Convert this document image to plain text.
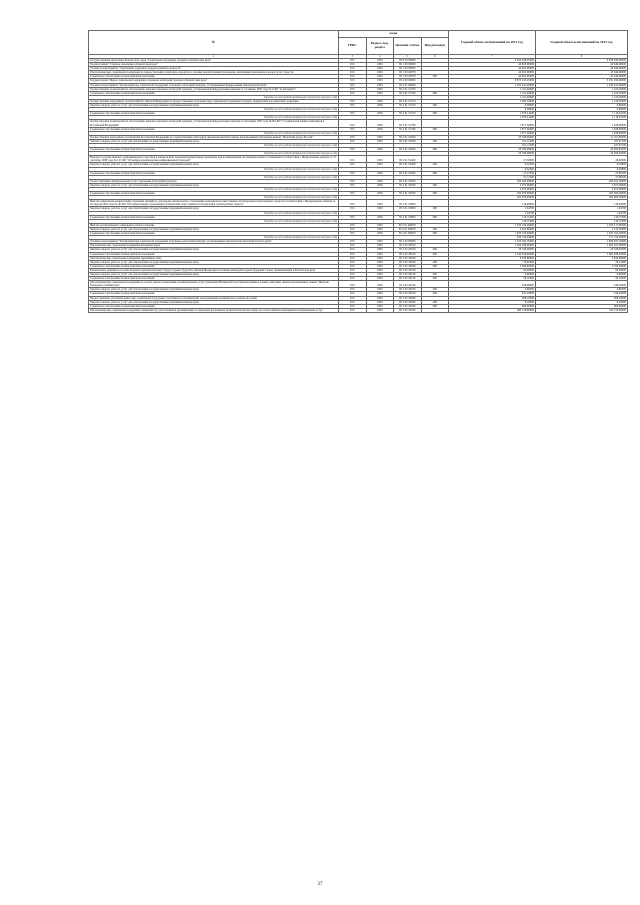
№	коды				Годовой объем ассигнований на 2011 год	Годовой объем ассигнований на 2012 год
	ГРБС	Раздел, под-раздел	Целевая статья	Вид расходов		
1	3	4	5	6	7	8
Государственная программа Камчатского края "Социальная поддержка граждан в Камчатском крае"	815	1003	05 0 00 00000		3 920 238,25000	3 976 930,00000
Подпрограмма "Старшее поколение в Камчатском крае"	815	1003	05 1 00 00000		44 825,00000	45 640,00000
Основное мероприятие "Укрепление здоровья граждан пожилого возраста"	815	1003	05 1 03 00000		44 825,00000	45 640,00000
Обеспечение мер социальной поддержки по предоставлению санаторно-курортного лечения неработающим гражданам, выхолящим пенсионного возраста по старости	815	1003	05 1 03 20070		44 825,00000	45 640,00000
Социальное обеспечение и иные выплаты населению	815	1003	05 1 03 20070	300	44 825,00000	45 640,00000
Подпрограмма "Меры социальной поддержки отдельных категорий граждан в Камчатском крае"	815	1003	05 2 00 00000		3 875 413,25000	3 931 290,00000
Основное мероприятие "Реализация мер социальной поддержки отдельных категорий граждан, установленных федеральным законодательством"	815	1003	05 2 01 00000		1 255 441,00000	1 236 447,00000
Осуществление полномочий по обеспечению жильем отдельных категорий граждан, установленных Федеральным законом от 12 января 1995 года № 5-ФЗ "О ветеранах"	815	1003	05 2 01 51350		1 191,40000	1 225,20000
Социальное обеспечение и иные выплаты населению	815	1003	05 2 01 51350	300	1 191,40000	1 225,20000
Расходы за счет средств федерального бюджета текущего года					1 191,40000	1 225,20000
Осуществление переданных полномочий Российской Федерации по предоставлению отдельных мер социальной поддержки граждан, подвергшихся воздействию радиации	815	1003	05 2 01 51370		1 083,10000	1 126,30000
Закупка товаров, работ и услуг для обеспечения государственных (муниципальных) нужд	815	1003	05 2 01 51370	200	9,58000	9,96000
Расходы за счет средств федерального бюджета текущего года					9,58000	9,96000
Социальное обеспечение и иные выплаты населению	815	1003	05 2 01 51370	300	1 073,51400	1 116,33100
Расходы за счет средств федерального бюджета текущего года					1 073,51400	1 116,33100
Осуществление полномочий по обеспечению жильем отдельных категорий граждан, установленных Федеральным законом от 24 ноября 1995 года №181-ФЗ "О социальной защите инвалидов в Российской Федерации"	815	1003	05 2 01 51760		1 877,30000	1 928,00000
Социальное обеспечение и иные выплаты населению	815	1003	05 2 01 51760	300	1 877,30000	1 928,00000
Расходы за счет средств федерального бюджета текущего года					1 877,30000	1 928,00000
Осуществление переданного полномочия Российской Федерации по осуществлению ежегодной денежной выплаты лицам, награжденным нагрудным знаком "Почетный донор России"	815	1003	05 2 01 52200		20 348,09000	21 161,80000
Закупка товаров, работ и услуг для обеспечения государственных (муниципальных) нужд	815	1003	05 2 01 52200	200	161,11000	167,97100
Расходы за счет средств федерального бюджета текущего года					161,11000	167,97100
Социальное обеспечение и иные выплаты населению	815	1003	05 2 01 52200	300	20 186,98000	20 993,84300
Расходы за счет средств федерального бюджета текущего года					20 186,98000	20 993,84300
Выплата государственного единовременного пособия и ежемесячной денежной компенсации гражданам при возникновении поствакцинальных осложнений в соответствии с Федеральным законом от 17 сентября 1998 года № 157-ФЗ "Об иммунопрофилактике инфекционных болезней"	815	1003	05 2 01 52400		27,50000	28,20000
Закупка товаров, работ и услуг для обеспечения государственных (муниципальных) нужд	815	1003	05 2 01 52400	200	0,32500	0,33800
Расходы за счет средств федерального бюджета текущего года					0,32500	0,33800
Социальное обеспечение и иные выплаты населению	815	1003	05 2 01 52400	300	27,17500	27,86200
Расходы за счет средств федерального бюджета текущего года					27,17500	27,86200
Оплата жилищно-коммунальных услуг отдельным категориям граждан	815	1003	05 2 01 52500		205 645,99000	205 641,30000
Закупка товаров, работ и услуг для обеспечения государственных (муниципальных) нужд	815	1003	05 2 01 52500	200	2 975,00000	2 975,00000
Расходы за счет средств федерального бюджета текущего года					2 975,00000	2 975,00000
Социальное обеспечение и иные выплаты населению	815	1003	05 2 01 52500	300	202 670,99000	202 666,30000
Расходы за счет средств федерального бюджета текущего года					202 670,99000	202 666,30000
Выплата инвалидам компенсаций страховых премий по договорам обязательного страхования гражданской ответственности владельцев транспортных средств в соответствии с Федеральным законом от 25 апреля 2002 года № 40-ФЗ "Об обязательном страховании гражданской ответственности владельцев транспортных средств"	815	1003	05 2 01 52800		118,40000	118,40000
Закупка товаров, работ и услуг для обеспечения государственных (муниципальных) нужд	815	1003	05 2 01 52800	200	1,64700	1,64700
Расходы за счет средств федерального бюджета текущего года					1,64700	1,64700
Социальное обеспечение и иные выплаты населению	815	1003	05 2 01 52800	300	116,75300	116,75300
Расходы за счет средств федерального бюджета текущего года					116,75300	116,75300
Выплата региональных социальных доплат к пенсии	815	1003	05 2 01 R0070		1 055 149,29000	1 025 217,80000
Закупка товаров, работ и услуг для обеспечения государственных (муниципальных) нужд	815	1003	05 2 01 R0070	200	2 425,80000	2 515,50000
Социальное обеспечение и иные выплаты населению	815	1003	05 2 01 R0070	300	1 052 723,49000	1 022 702,30000
Расходы за счет средств федерального бюджета текущего года					810 143,49000	771 152,20000
Основное мероприятие "Реализация мер социальной поддержки отдельных категорий граждан, установленных законодательством Камчатского края"	815	1003	05 2 02 00000		1 910 592,70000	1 984 637,10000
Обеспечение мер социальной поддержки ветеранов труда	815	1003	05 2 02 20010		1 562 298,00000	1 624 557,00000
Закупка товаров, работ и услуг для обеспечения государственных (муниципальных) нужд	815	1003	05 2 02 20010	200	19 740,00000	20 528,40000
Социальное обеспечение и иные выплаты населению	815	1003	05 2 02 20010	300	1 542 558,00000	1 604 028,20000
Обеспечение мер социальной поддержки тружеников тыла	815	1003	05 2 02 20020		6 076,80000	5 844,60000
Закупка товаров, работ и услуг для обеспечения государственных (муниципальных) нужд	815	1003	05 2 02 20020	200	79,95000	78,12000
Социальное обеспечение и иные выплаты населению	815	1003	05 2 02 20020	300	5 996,85000	5 766,48000
Ежемесячное денежное пособие Героям Социалистического Труда, Героям Труда Российской Федерации и полным кавалерам ордена Трудовой Славы, проживающим в Камчатском крае	815	1003	05 2 02 20140		60,00000	60,00000
Закупка товаров, работ и услуг для обеспечения государственных (муниципальных) нужд	815	1003	05 2 02 20140	200	0,90000	0,90000
Социальное обеспечение и иные выплаты населению	815	1003	05 2 02 20140	300	59,10000	59,10000
Обеспечение мер социальной поддержки по оплате жилого помещения и коммунальных услуг инвалидам Великой Отечественной войны и боевых действий, лицам награжденных знаком "Жителю блокадного Ленинграда"	815	1003	05 2 02 20190		336,00000	349,20000
Закупка товаров, работ и услуг для обеспечения государственных (муниципальных) нужд	815	1003	05 2 02 20190	200	4,80000	4,80000
Социальное обеспечение и иные выплаты населению	815	1003	05 2 02 20190	300	331,20000	344,40000
Предоставление дополнительных мер социальной поддержки участникам ходатайки войн и вооруженных конфликтов и членам их семей	815	1003	05 2 02 20200		908,10000	908,10000
Закупка товаров, работ и услуг для обеспечения государственных (муниципальных) нужд	815	1003	05 2 02 20200	200	8,10000	8,10000
Социальное обеспечение и иные выплаты населению	815	1003	05 2 02 20200	300	900,00000	900,00000
Обеспечение мер социальной поддержки специалистов, работающих и проживающих в отдельных населенных пунктах Камчатского края, по оплате жилых помещений и коммунальных услуг	815	1003	05 2 02 20230		300 158,80000	312 156,90000
37
